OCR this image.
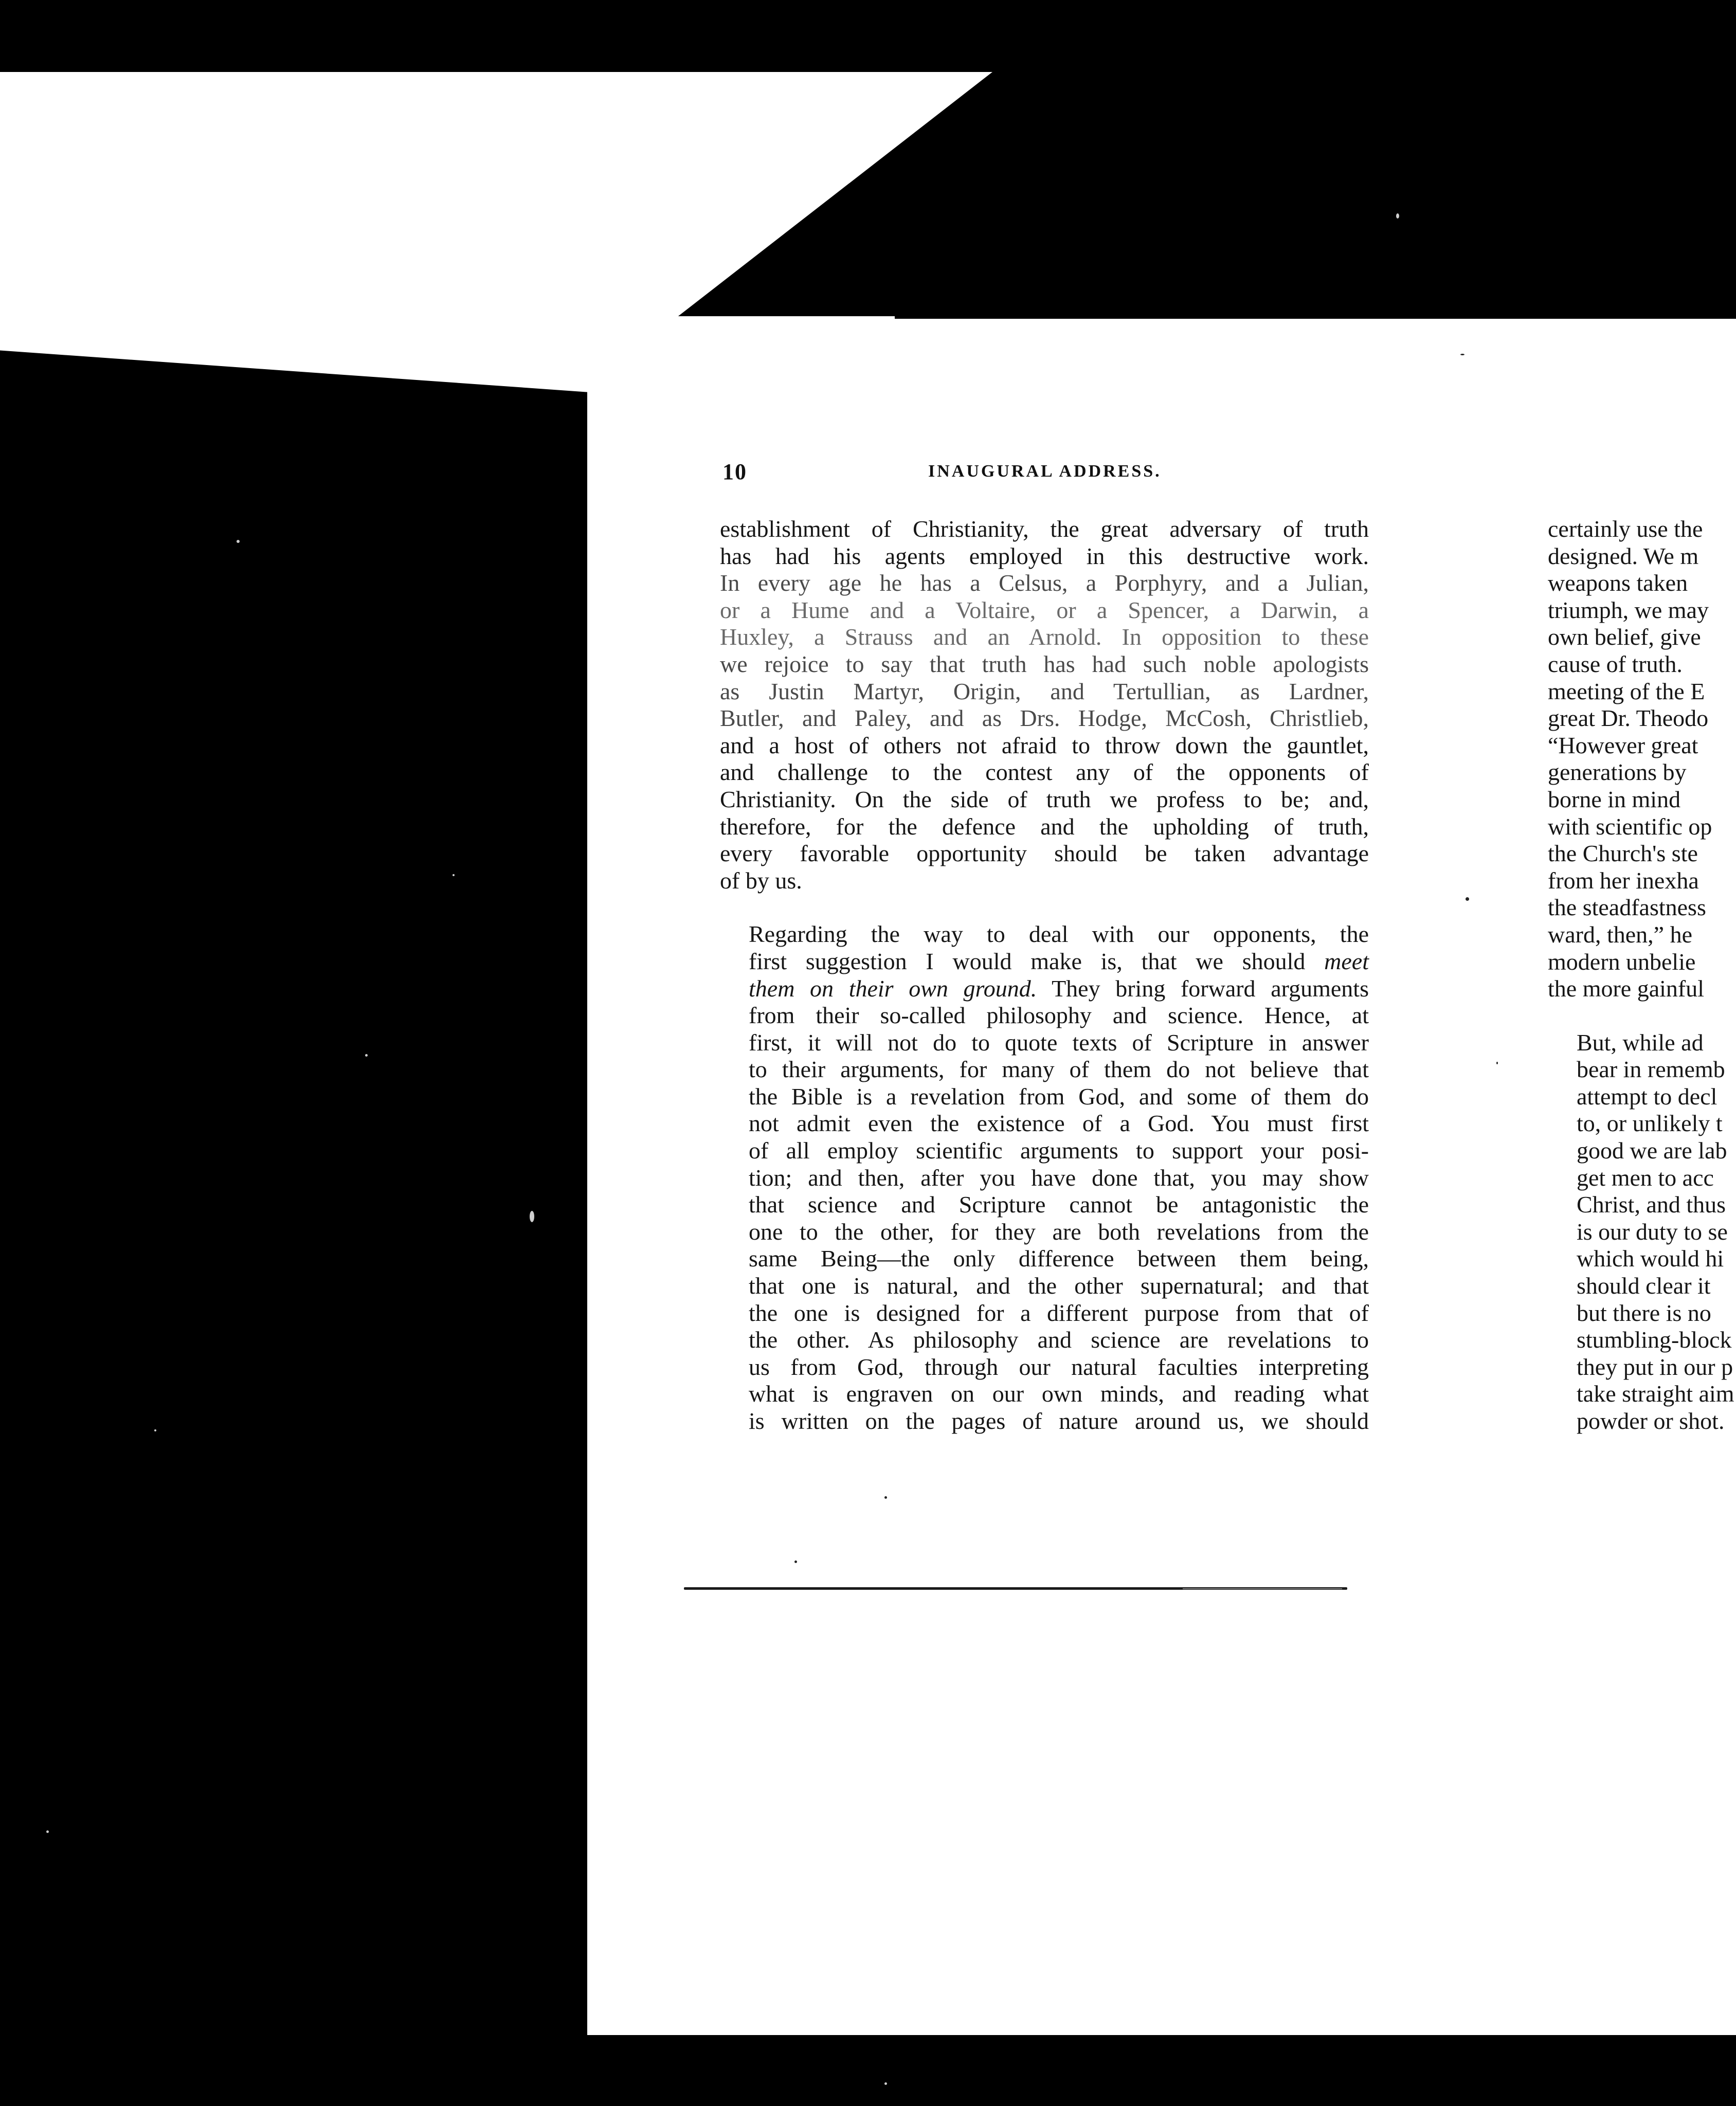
10	INAUGURAL ADDRESS.

establishment of Christianity, the great adversary of truth
has had his agents employed in this destructive work.
In every age he has a Celsus, a Porphyry, and a Julian,
or a Hume and a Voltaire, or a Spencer, a Darwin, a
Huxley, a Strauss and an Arnold. In opposition to these
we rejoice to say that truth has had such noble apologists
as Justin Martyr, Origin, and Tertullian, as Lardner,
Butler, and Paley, and as Drs. Hodge, McCosh, Christlieb,
and a host of others not afraid to throw down the gauntlet,
and challenge to the contest any of the opponents of
Christianity. On the side of truth we profess to be; and,
therefore, for the defence and the upholding of truth,
every favorable opportunity should be taken advantage
of by us.

Regarding the way to deal with our opponents, the
first suggestion I would make is, that we should meet
them on their own ground. They bring forward arguments
from their so-called philosophy and science. Hence, at
first, it will not do to quote texts of Scripture in answer
to their arguments, for many of them do not believe that
the Bible is a revelation from God, and some of them do
not admit even the existence of a God. You must first
of all employ scientific arguments to support your posi-
tion; and then, after you have done that, you may show
that science and Scripture cannot be antagonistic the
one to the other, for they are both revelations from the
same Being—the only difference between them being,
that one is natural, and the other supernatural; and that
the one is designed for a different purpose from that of
the other. As philosophy and science are revelations to
us from God, through our natural faculties interpreting
what is engraven on our own minds, and reading what
is written on the pages of nature around us, we should

certainly use the
designed. We m
weapons taken
triumph, we may
own belief, give
cause of truth.
meeting of the E
great Dr. Theodo
“However great
generations by
borne in mind
with scientific op
the Church's ste
from her inexha
the steadfastness
ward, then,” he
modern unbelie
the more gainful

But, while ad
bear in rememb
attempt to decl
to, or unlikely t
good we are lab
get men to acc
Christ, and thus
is our duty to se
which would hi
should clear it
but there is no
stumbling-block
they put in our p
take straight aim
powder or shot.
